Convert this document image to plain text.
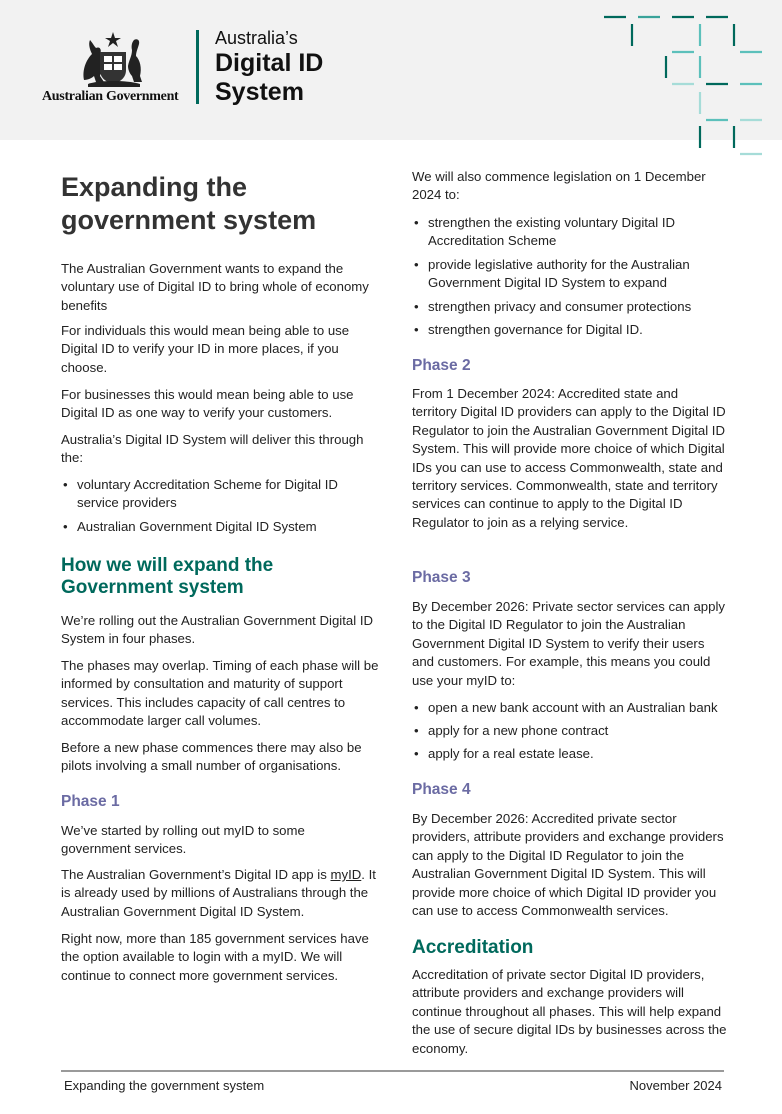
Australian Government
Australia’s
Digital ID
System
Expanding the government system

The Australian Government wants to expand the voluntary use of Digital ID to bring whole of economy benefits

For individuals this would mean being able to use Digital ID to verify your ID in more places, if you choose.

For businesses this would mean being able to use Digital ID as one way to verify your customers.

Australia’s Digital ID System will deliver this through the:

• voluntary Accreditation Scheme for Digital ID service providers

• Australian Government Digital ID System

How we will expand the Government system

We’re rolling out the Australian Government Digital ID System in four phases.

The phases may overlap. Timing of each phase will be informed by consultation and maturity of support services. This includes capacity of call centres to accommodate larger call volumes.

Before a new phase commences there may also be pilots involving a small number of organisations.

Phase 1

We’ve started by rolling out myID to some government services.

The Australian Government’s Digital ID app is myID. It is already used by millions of Australians through the Australian Government Digital ID System.

Right now, more than 185 government services have the option available to login with a myID. We will continue to connect more government services.

We will also commence legislation on 1 December 2024 to:

• strengthen the existing voluntary Digital ID Accreditation Scheme

• provide legislative authority for the Australian Government Digital ID System to expand

• strengthen privacy and consumer protections

• strengthen governance for Digital ID.

Phase 2

From 1 December 2024: Accredited state and territory Digital ID providers can apply to the Digital ID Regulator to join the Australian Government Digital ID System. This will provide more choice of which Digital IDs you can use to access Commonwealth, state and territory services. Commonwealth, state and territory services can continue to apply to the Digital ID Regulator to join as a relying service.

Phase 3

By December 2026: Private sector services can apply to the Digital ID Regulator to join the Australian Government Digital ID System to verify their users and customers. For example, this means you could use your myID to:

• open a new bank account with an Australian bank

• apply for a new phone contract

• apply for a real estate lease.

Phase 4

By December 2026: Accredited private sector providers, attribute providers and exchange providers can apply to the Digital ID Regulator to join the Australian Government Digital ID System. This will provide more choice of which Digital ID provider you can use to access Commonwealth services.

Accreditation

Accreditation of private sector Digital ID providers, attribute providers and exchange providers will continue throughout all phases. This will help expand the use of secure digital IDs by businesses across the economy.

Expanding the government system	November 2024
